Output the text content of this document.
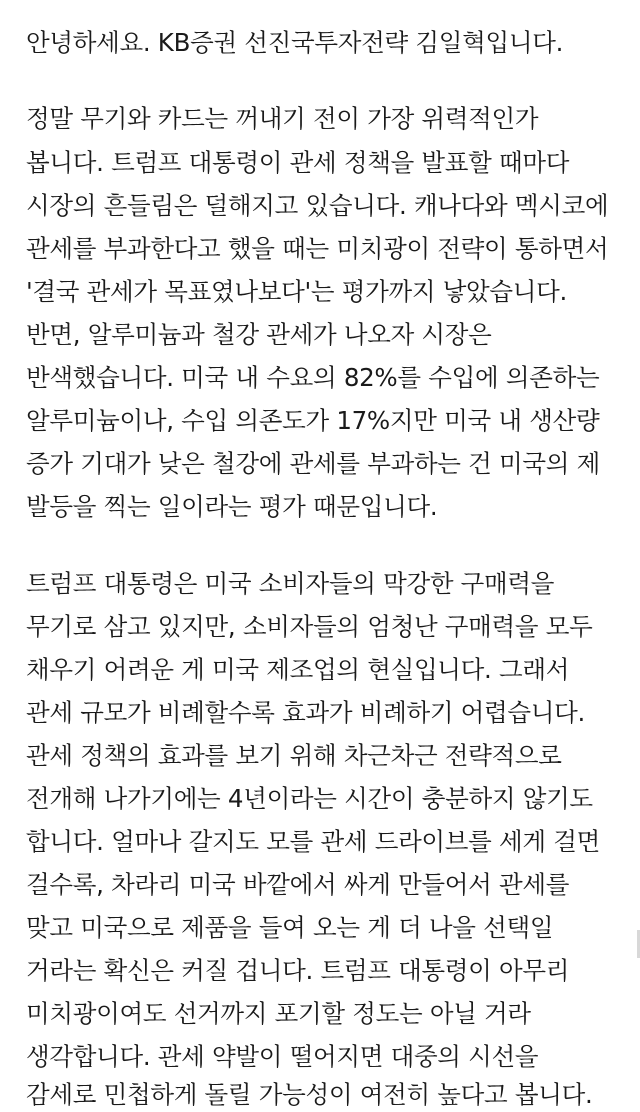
안녕하세요. KB증권 선진국투자전략 김일혁입니다.
정말 무기와 카드는 꺼내기 전이 가장 위력적인가
봅니다. 트럼프 대통령이 관세 정책을 발표할 때마다
시장의 흔들림은 덜해지고 있습니다. 캐나다와 멕시코에
관세를 부과한다고 했을 때는 미치광이 전략이 통하면서
'결국 관세가 목표였나보다'는 평가까지 낳았습니다.
반면, 알루미늄과 철강 관세가 나오자 시장은
반색했습니다. 미국 내 수요의 82%를 수입에 의존하는
알루미늄이나, 수입 의존도가 17%지만 미국 내 생산량
증가 기대가 낮은 철강에 관세를 부과하는 건 미국의 제
발등을 찍는 일이라는 평가 때문입니다.
트럼프 대통령은 미국 소비자들의 막강한 구매력을
무기로 삼고 있지만, 소비자들의 엄청난 구매력을 모두
채우기 어려운 게 미국 제조업의 현실입니다. 그래서
관세 규모가 비례할수록 효과가 비례하기 어렵습니다.
관세 정책의 효과를 보기 위해 차근차근 전략적으로
전개해 나가기에는 4년이라는 시간이 충분하지 않기도
합니다. 얼마나 갈지도 모를 관세 드라이브를 세게 걸면
걸수록, 차라리 미국 바깥에서 싸게 만들어서 관세를
맞고 미국으로 제품을 들여 오는 게 더 나을 선택일
거라는 확신은 커질 겁니다. 트럼프 대통령이 아무리
미치광이여도 선거까지 포기할 정도는 아닐 거라
생각합니다. 관세 약발이 떨어지면 대중의 시선을
감세로 민첩하게 돌릴 가능성이 여전히 높다고 봅니다.
